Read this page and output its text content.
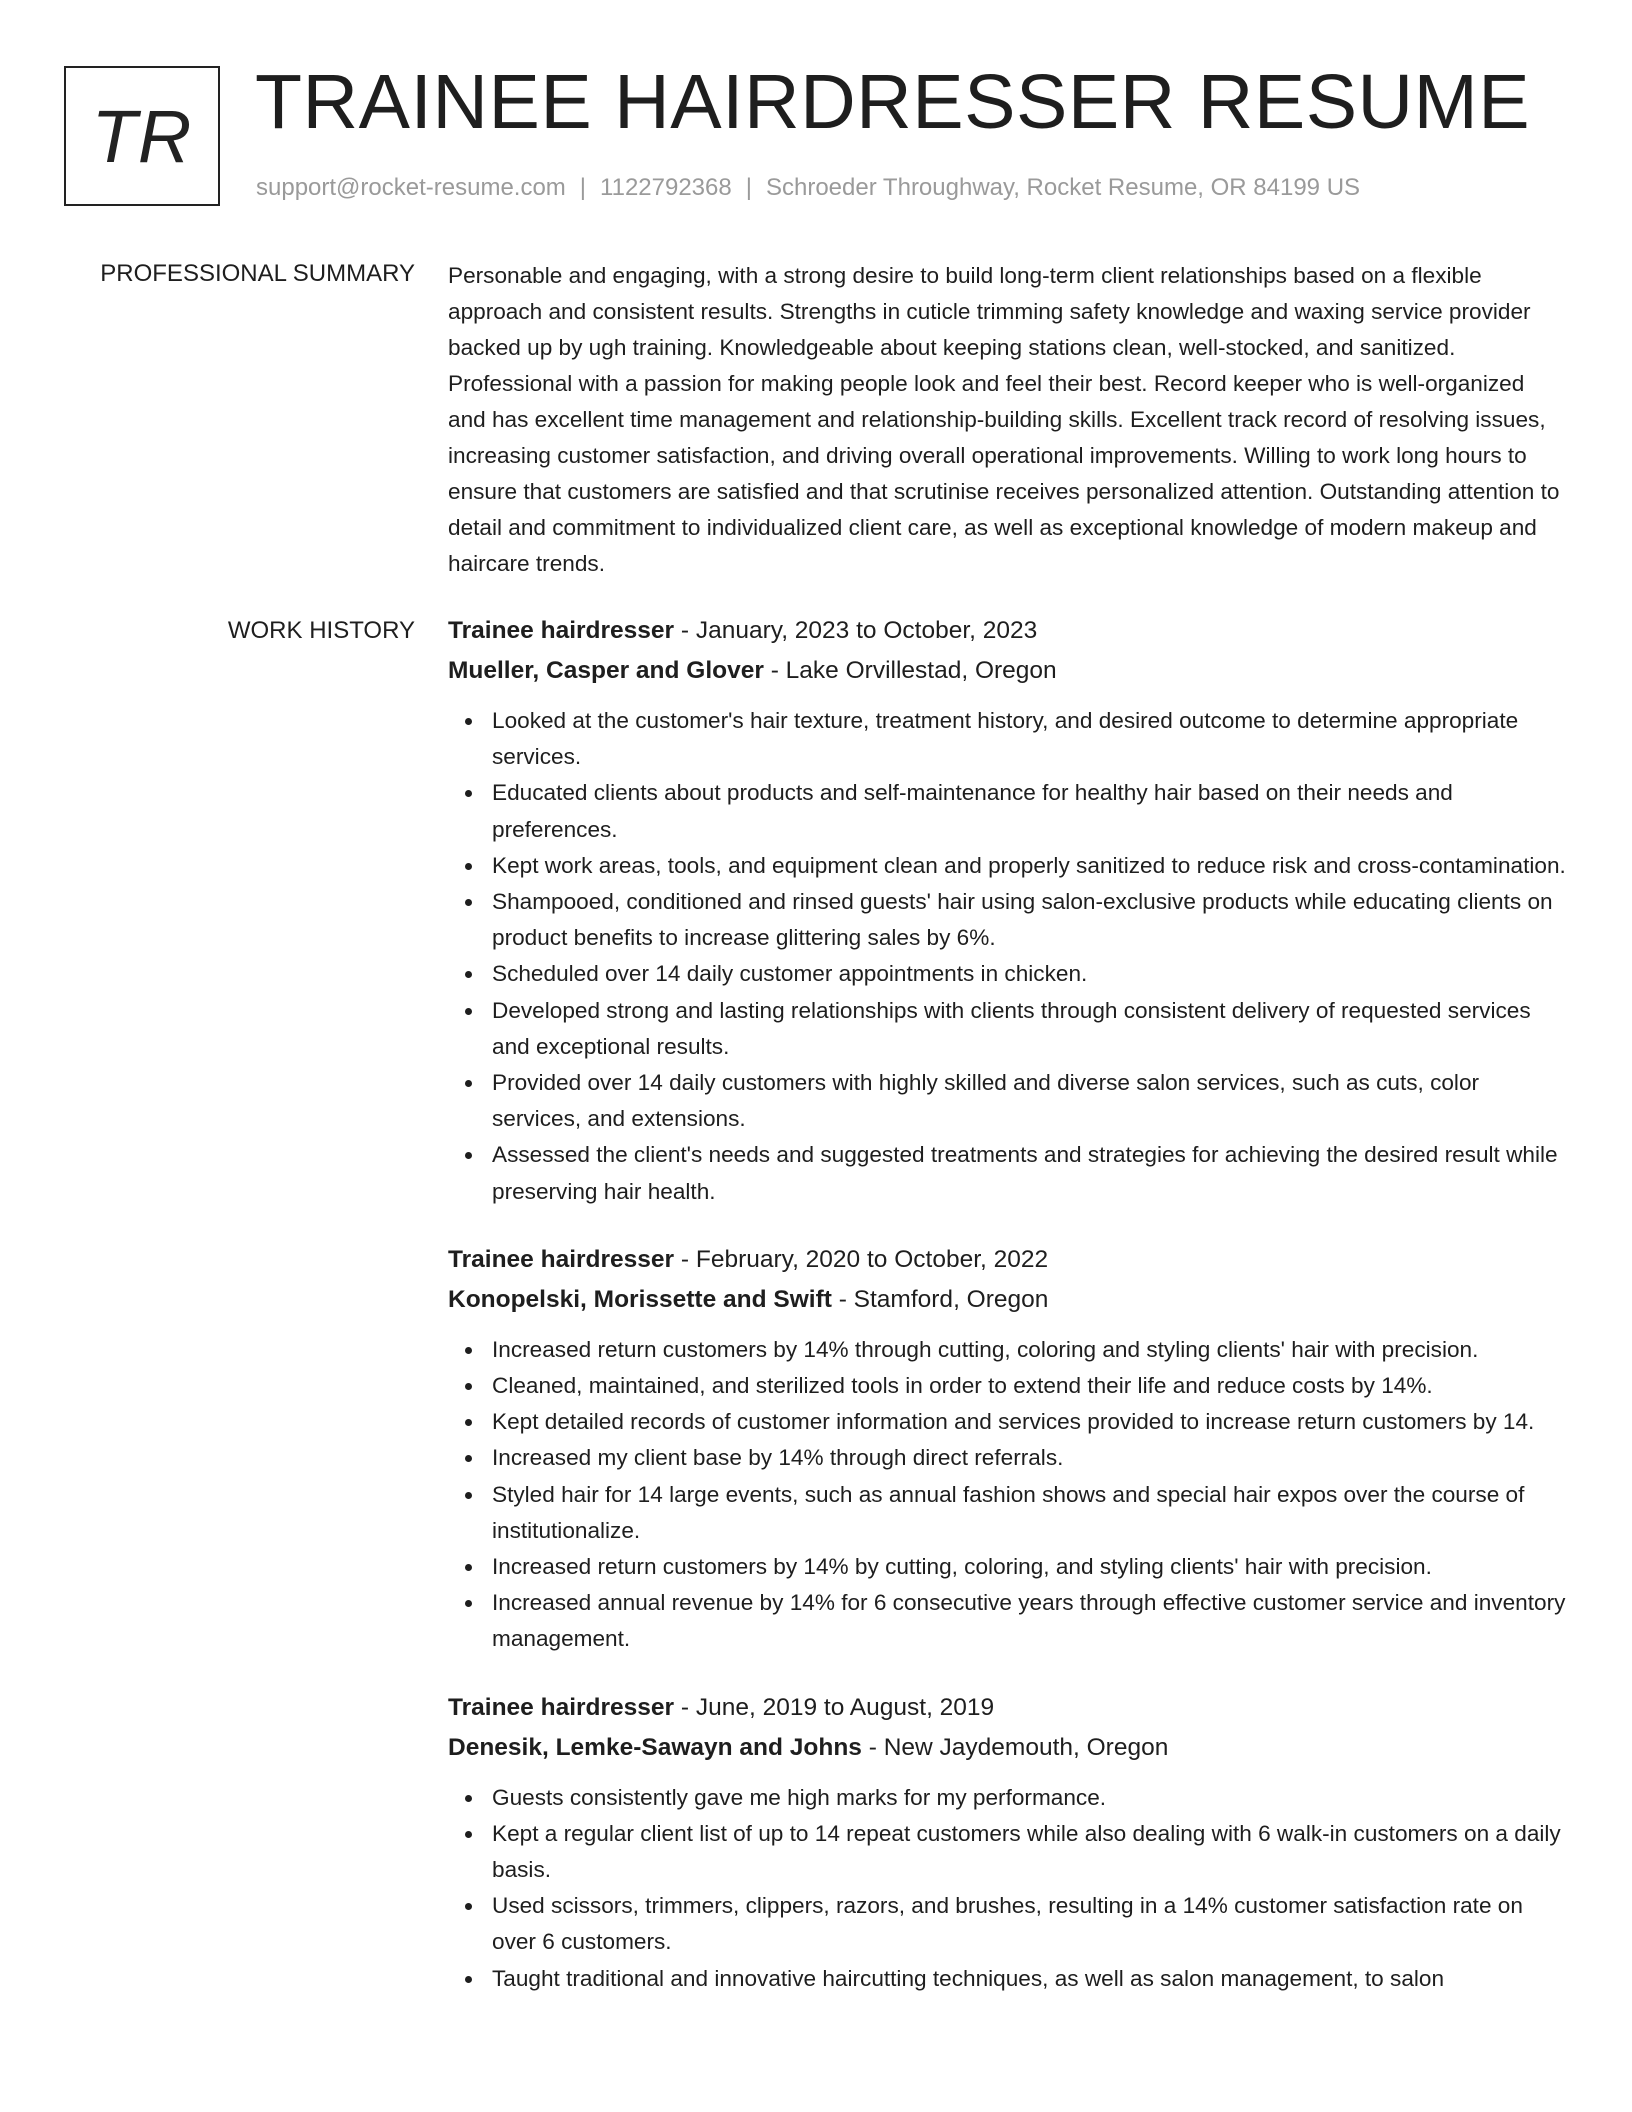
TR TRAINEE HAIRDRESSER RESUME
support@rocket-resume.com | 1122792368 | Schroeder Throughway, Rocket Resume, OR 84199 US
PROFESSIONAL SUMMARY Personable and engaging, with a strong desire to build long-term client relationships based on a flexible approach and consistent results. Strengths in cuticle trimming safety knowledge and waxing service provider backed up by ugh training. Knowledgeable about keeping stations clean, well-stocked, and sanitized. Professional with a passion for making people look and feel their best. Record keeper who is well-organized and has excellent time management and relationship-building skills. Excellent track record of resolving issues, increasing customer satisfaction, and driving overall operational improvements. Willing to work long hours to ensure that customers are satisfied and that scrutinise receives personalized attention. Outstanding attention to detail and commitment to individualized client care, as well as exceptional knowledge of modern makeup and haircare trends.

WORK HISTORY Trainee hairdresser - January, 2023 to October, 2023
Mueller, Casper and Glover - Lake Orvillestad, Oregon
Looked at the customer's hair texture, treatment history, and desired outcome to determine appropriate services.
Educated clients about products and self-maintenance for healthy hair based on their needs and preferences.
Kept work areas, tools, and equipment clean and properly sanitized to reduce risk and cross-contamination.
Shampooed, conditioned and rinsed guests' hair using salon-exclusive products while educating clients on product benefits to increase glittering sales by 6%.
Scheduled over 14 daily customer appointments in chicken.
Developed strong and lasting relationships with clients through consistent delivery of requested services and exceptional results.
Provided over 14 daily customers with highly skilled and diverse salon services, such as cuts, color services, and extensions.
Assessed the client's needs and suggested treatments and strategies for achieving the desired result while preserving hair health.
Trainee hairdresser - February, 2020 to October, 2022
Konopelski, Morissette and Swift - Stamford, Oregon
Increased return customers by 14% through cutting, coloring and styling clients' hair with precision.
Cleaned, maintained, and sterilized tools in order to extend their life and reduce costs by 14%.
Kept detailed records of customer information and services provided to increase return customers by 14.
Increased my client base by 14% through direct referrals.
Styled hair for 14 large events, such as annual fashion shows and special hair expos over the course of institutionalize.
Increased return customers by 14% by cutting, coloring, and styling clients' hair with precision.
Increased annual revenue by 14% for 6 consecutive years through effective customer service and inventory management.
Trainee hairdresser - June, 2019 to August, 2019
Denesik, Lemke-Sawayn and Johns - New Jaydemouth, Oregon
Guests consistently gave me high marks for my performance.
Kept a regular client list of up to 14 repeat customers while also dealing with 6 walk-in customers on a daily basis.
Used scissors, trimmers, clippers, razors, and brushes, resulting in a 14% customer satisfaction rate on over 6 customers.
Taught traditional and innovative haircutting techniques, as well as salon management, to salon
